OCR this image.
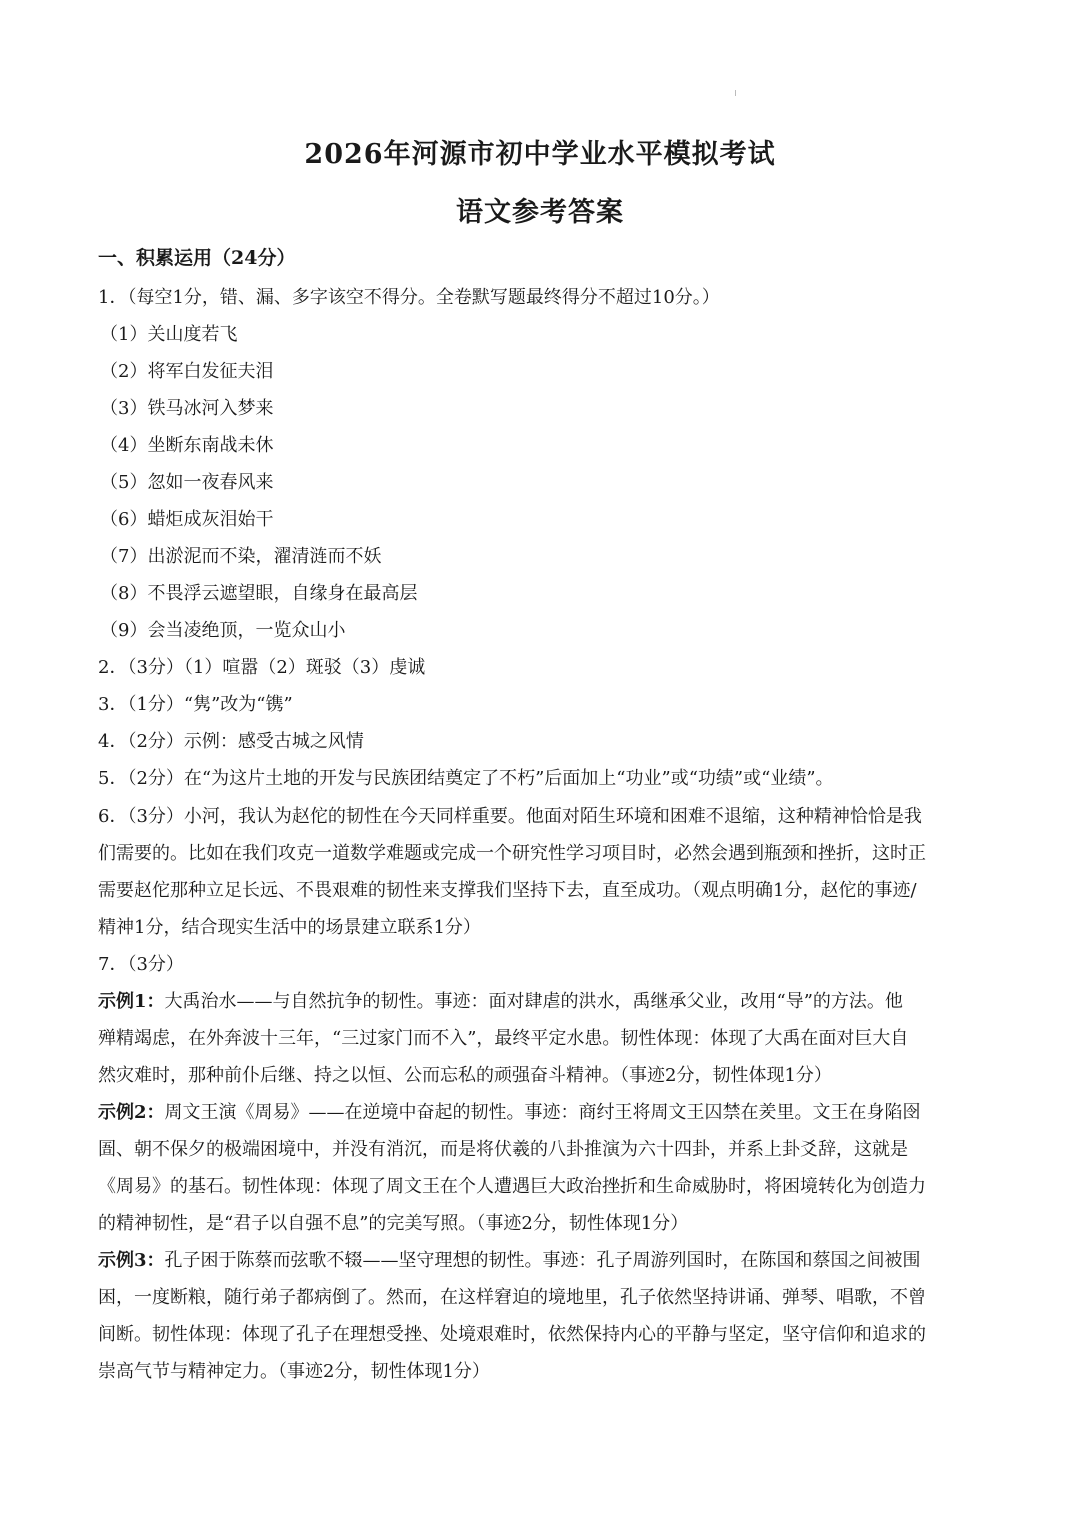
2026年河源市初中学业水平模拟考试
语文参考答案
一、积累运用（24分）
1．（每空1分，错、漏、多字该空不得分。全卷默写题最终得分不超过10分。）
（1）关山度若飞
（2）将军白发征夫泪
（3）铁马冰河入梦来
（4）坐断东南战未休
（5）忽如一夜春风来
（6）蜡炬成灰泪始干
（7）出淤泥而不染，濯清涟而不妖
（8）不畏浮云遮望眼，自缘身在最高层
（9）会当凌绝顶，一览众山小
2．（3分）（1）喧嚣（2）斑驳（3）虔诚
3．（1分）“隽”改为“镌”
4．（2分）示例：感受古城之风情
5．（2分）在“为这片土地的开发与民族团结奠定了不朽”后面加上“功业”或“功绩”或“业绩”。
6．（3分）小河，我认为赵佗的韧性在今天同样重要。他面对陌生环境和困难不退缩，这种精神恰恰是我
们需要的。比如在我们攻克一道数学难题或完成一个研究性学习项目时，必然会遇到瓶颈和挫折，这时正
需要赵佗那种立足长远、不畏艰难的韧性来支撑我们坚持下去，直至成功。（观点明确1分，赵佗的事迹/
精神1分，结合现实生活中的场景建立联系1分）
7．（3分）
示例1：大禹治水——与自然抗争的韧性。事迹：面对肆虐的洪水，禹继承父业，改用“导”的方法。他
殚精竭虑，在外奔波十三年，“三过家门而不入”，最终平定水患。韧性体现：体现了大禹在面对巨大自
然灾难时，那种前仆后继、持之以恒、公而忘私的顽强奋斗精神。（事迹2分，韧性体现1分）
示例2：周文王演《周易》——在逆境中奋起的韧性。事迹：商纣王将周文王囚禁在羑里。文王在身陷囹
圄、朝不保夕的极端困境中，并没有消沉，而是将伏羲的八卦推演为六十四卦，并系上卦爻辞，这就是
《周易》的基石。韧性体现：体现了周文王在个人遭遇巨大政治挫折和生命威胁时，将困境转化为创造力
的精神韧性，是“君子以自强不息”的完美写照。（事迹2分，韧性体现1分）
示例3：孔子困于陈蔡而弦歌不辍——坚守理想的韧性。事迹：孔子周游列国时，在陈国和蔡国之间被围
困，一度断粮，随行弟子都病倒了。然而，在这样窘迫的境地里，孔子依然坚持讲诵、弹琴、唱歌，不曾
间断。韧性体现：体现了孔子在理想受挫、处境艰难时，依然保持内心的平静与坚定，坚守信仰和追求的
崇高气节与精神定力。（事迹2分，韧性体现1分）
